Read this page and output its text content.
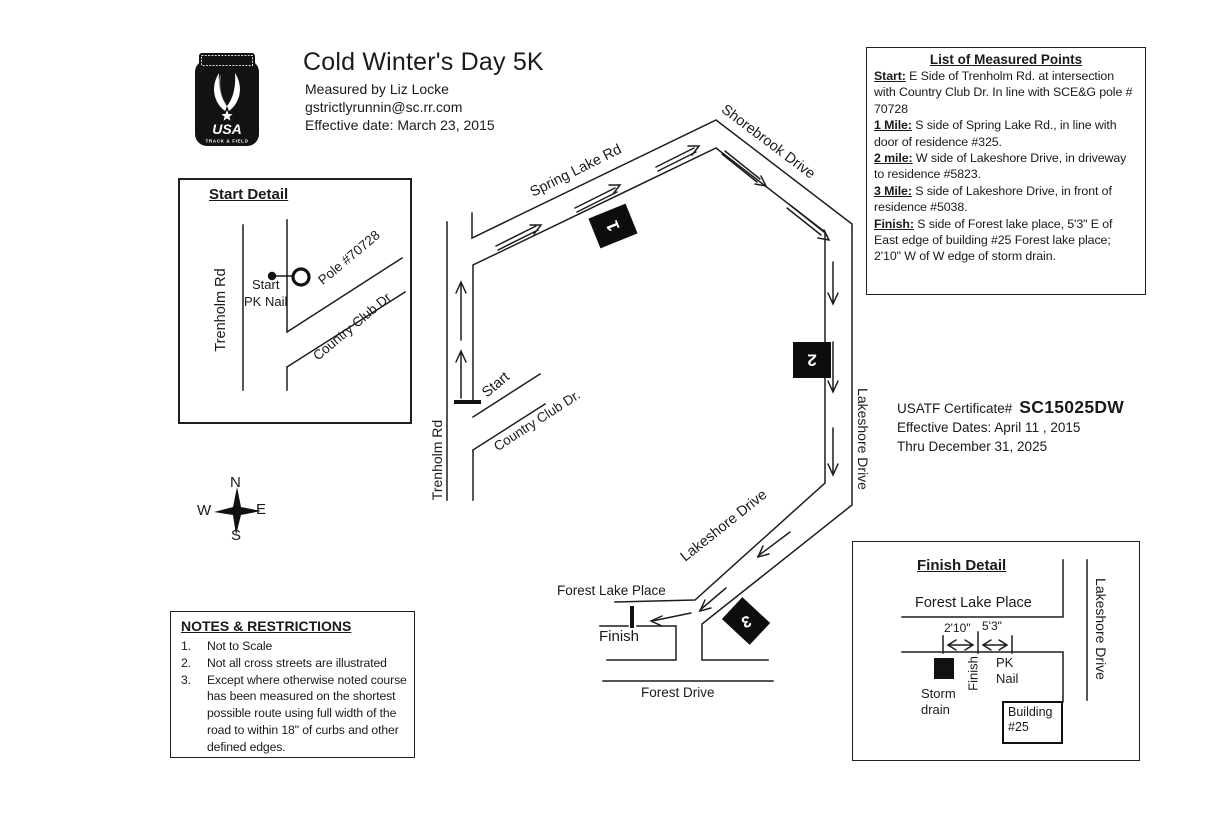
1
2
3
USA
TRACK & FIELD
Cold Winter's Day 5K
Measured by Liz Locke
gstrictlyrunnin@sc.rr.com
Effective date: March 23, 2015
List of Measured Points

Start: E Side of Trenholm Rd. at intersection with Country Club Dr. In line with SCE&G pole # 70728

1 Mile: S side of Spring Lake Rd., in line with door of residence #325.

2 mile: W side of Lakeshore Drive, in driveway to residence #5823.

3 Mile: S side of Lakeshore Drive, in front of residence #5038.

Finish: S side of Forest lake place, 5'3" E of East edge of building #25 Forest lake place; 2'10" W of W edge of storm drain.

USATF Certificate# SC15025DW
Effective Dates: April 11 , 2015
Thru December 31, 2025
Start Detail
Trenholm Rd Start
PK Nail
Pole #70728
Country Club Dr
N
W	E
S
NOTES & RESTRICTIONS
1.	Not to Scale
2.	Not all cross streets are illustrated
3.	Except where otherwise noted course has been measured on the shortest possible route using full width of the road to within 18" of curbs and other defined edges.
Spring Lake Rd	Shorebrook Drive
Lakeshore Drive
Lakeshore Drive
Trenholm Rd	Country Club Dr.
Start
Forest Lake Place
Finish
Forest Drive
Finish Detail
Forest Lake Place
2'10" 5'3"
Finish PK Nail
Storm drain	Building #25
Lakeshore Drive
